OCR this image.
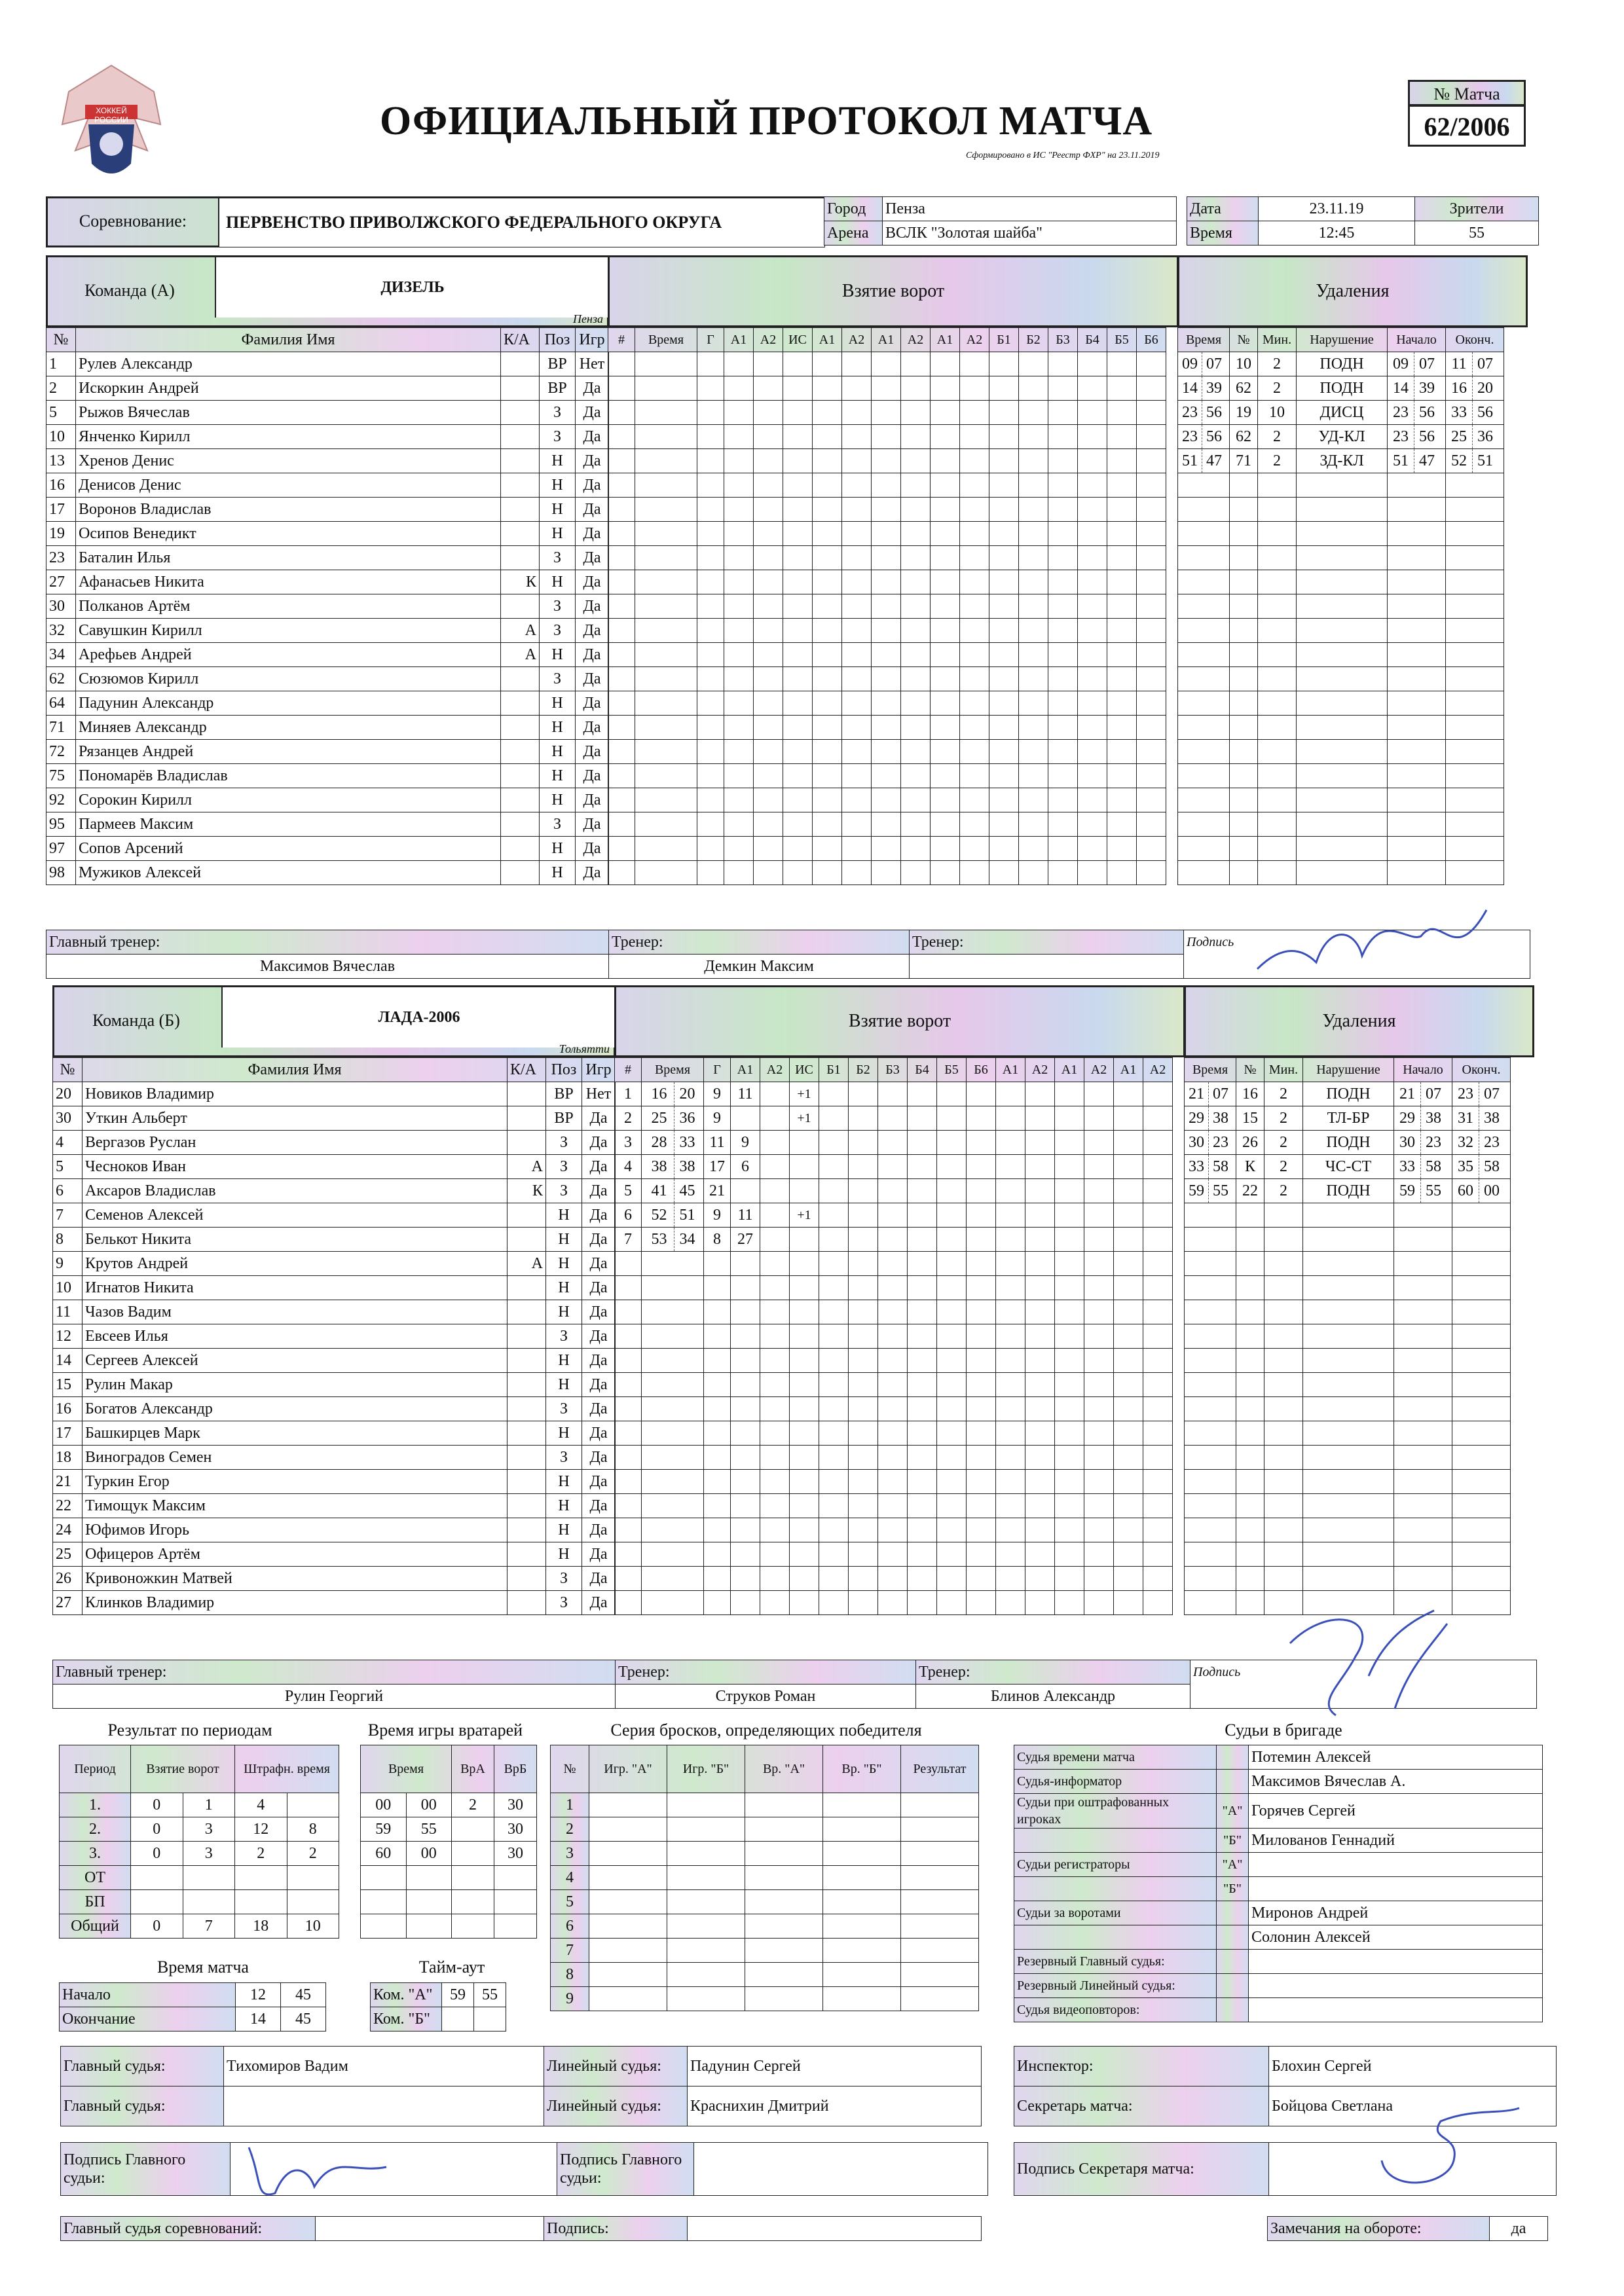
ХОККЕЙ РОССИИ	ОФИЦИАЛЬНЫЙ ПРОТОКОЛ МАТЧА
Сформировано в ИС "Реестр ФХР" на 23.11.2019
№ Матча
62/2006
Соревнование:	ПЕРВЕНСТВО ПРИВОЛЖСКОГО ФЕДЕРАЛЬНОГО ОКРУГА
Город	Пенза
Арена	ВСЛК "Золотая шайба"
Дата	23.11.19	Зрители
Время	12:45	55
Команда (А)	ДИЗЕЛЬ
Пенза
Взятие ворот	Удаления
№	Фамилия Имя	К/А	Поз	Игр
1	Рулев Александр		ВР	Нет
2	Искоркин Андрей		ВР	Да
5	Рыжов Вячеслав		З	Да
10	Янченко Кирилл		З	Да
13	Хренов Денис		Н	Да
16	Денисов Денис		Н	Да
17	Воронов Владислав		Н	Да
19	Осипов Венедикт		Н	Да
23	Баталин Илья		З	Да
27	Афанасьев Никита	К	Н	Да
30	Полканов Артём		З	Да
32	Савушкин Кирилл	А	З	Да
34	Арефьев Андрей	А	Н	Да
62	Сюзюмов Кирилл		З	Да
64	Падунин Александр		Н	Да
71	Миняев Александр		Н	Да
72	Рязанцев Андрей		Н	Да
75	Пономарёв Владислав		Н	Да
92	Сорокин Кирилл		Н	Да
95	Пармеев Максим		З	Да
97	Сопов Арсений		Н	Да
98	Мужиков Алексей		Н	Да
#	Время	Г	А1	А2	ИС	А1	А2	А1	А2	А1	А2	Б1	Б2	Б3	Б4	Б5	Б6

																	Время	№	Мин.	Нарушение	Начало	Оконч.
09 07	10	2	ПОДН	09 07	11 07
14 39	62	2	ПОДН	14 39	16 20
23 56	19	10	ДИСЦ	23 56	33 56
23 56	62	2	УД-КЛ	23 56	25 36
51 47	71	2	ЗД-КЛ	51 47	52 51

Главный тренер:	Тренер:	Тренер:	Подпись
Максимов Вячеслав	Демкин Максим		
Команда (Б)	ЛАДА-2006
Тольятти
Взятие ворот	Удаления
№	Фамилия Имя	К/А	Поз	Игр
20	Новиков Владимир		ВР	Нет
30	Уткин Альберт		ВР	Да
4	Вергазов Руслан		З	Да
5	Чесноков Иван	А	З	Да
6	Аксаров Владислав	К	З	Да
7	Семенов Алексей		Н	Да
8	Белькот Никита		Н	Да
9	Крутов Андрей	А	Н	Да
10	Игнатов Никита		Н	Да
11	Чазов Вадим		Н	Да
12	Евсеев Илья		З	Да
14	Сергеев Алексей		Н	Да
15	Рулин Макар		Н	Да
16	Богатов Александр		З	Да
17	Башкирцев Марк		Н	Да
18	Виноградов Семен		З	Да
21	Туркин Егор		Н	Да
22	Тимощук Максим		Н	Да
24	Юфимов Игорь		Н	Да
25	Офицеров Артём		Н	Да
26	Кривоножкин Матвей		З	Да
27	Клинков Владимир		З	Да
#	Время	Г	А1	А2	ИС	Б1	Б2	Б3	Б4	Б5	Б6	А1	А2	А1	А2	А1	А2
1	16 20	9	11		+1												
2	25 36	9			+1												
3	28 33	11	9														
4	38 38	17	6														
5	41 45	21															
6	52 51	9	11		+1												
7	53 34	8	27														

Время	№	Мин.	Нарушение	Начало	Оконч.
21 07	16	2	ПОДН	21 07	23 07
29 38	15	2	ТЛ-БР	29 38	31 38
30 23	26	2	ПОДН	30 23	32 23
33 58	К	2	ЧС-СТ	33 58	35 58
59 55	22	2	ПОДН	59 55	60 00

Главный тренер:	Тренер:	Тренер:	Подпись
Рулин Георгий	Струков Роман	Блинов Александр	
Результат по периодам
Период	Взятие ворот		Штрафн. время	
1.	0	1	4	
2.	0	3	12	8
3.	0	3	2	2
ОТ				
БП				
Общий	0	7	18	10
Время игры вратарей
Время		ВрА	ВрБ
00	00	2	30
59	55		30
60	00		30

Серия бросков, определяющих победителя
№	Игр. "А"	Игр. "Б"	Вр. "А"	Вр. "Б"	Результат
1					
2					
3					
4					
5					
6					
7					
8					
9					
Время матча
Начало	12	45
Окончание	14	45
Тайм-аут
Ком. "А"	59	55
Ком. "Б"		
Судьи в бригаде
Судья времени матча		Потемин Алексей
Судья-информатор		Максимов Вячеслав А.
Судьи при оштрафованных игроках	"А"	Горячев Сергей
	"Б"	Милованов Геннадий
Судьи регистраторы	"А"	
	"Б"	
Судьи за воротами		Миронов Андрей
		Солонин Алексей
Резервный Главный судья:		
Резервный Линейный судья:		
Судья видеоповторов:		
Главный судья:	Тихомиров Вадим	Линейный судья:	Падунин Сергей
Главный судья:		Линейный судья:	Краснихин Дмитрий
Инспектор:	Блохин Сергей
Секретарь матча:	Бойцова Светлана
Подпись Главного судьи:		Подпись Главного судьи:	
Подпись Секретаря матча:	
Главный судья соревнований:		Подпись:		Замечания на обороте:	да
